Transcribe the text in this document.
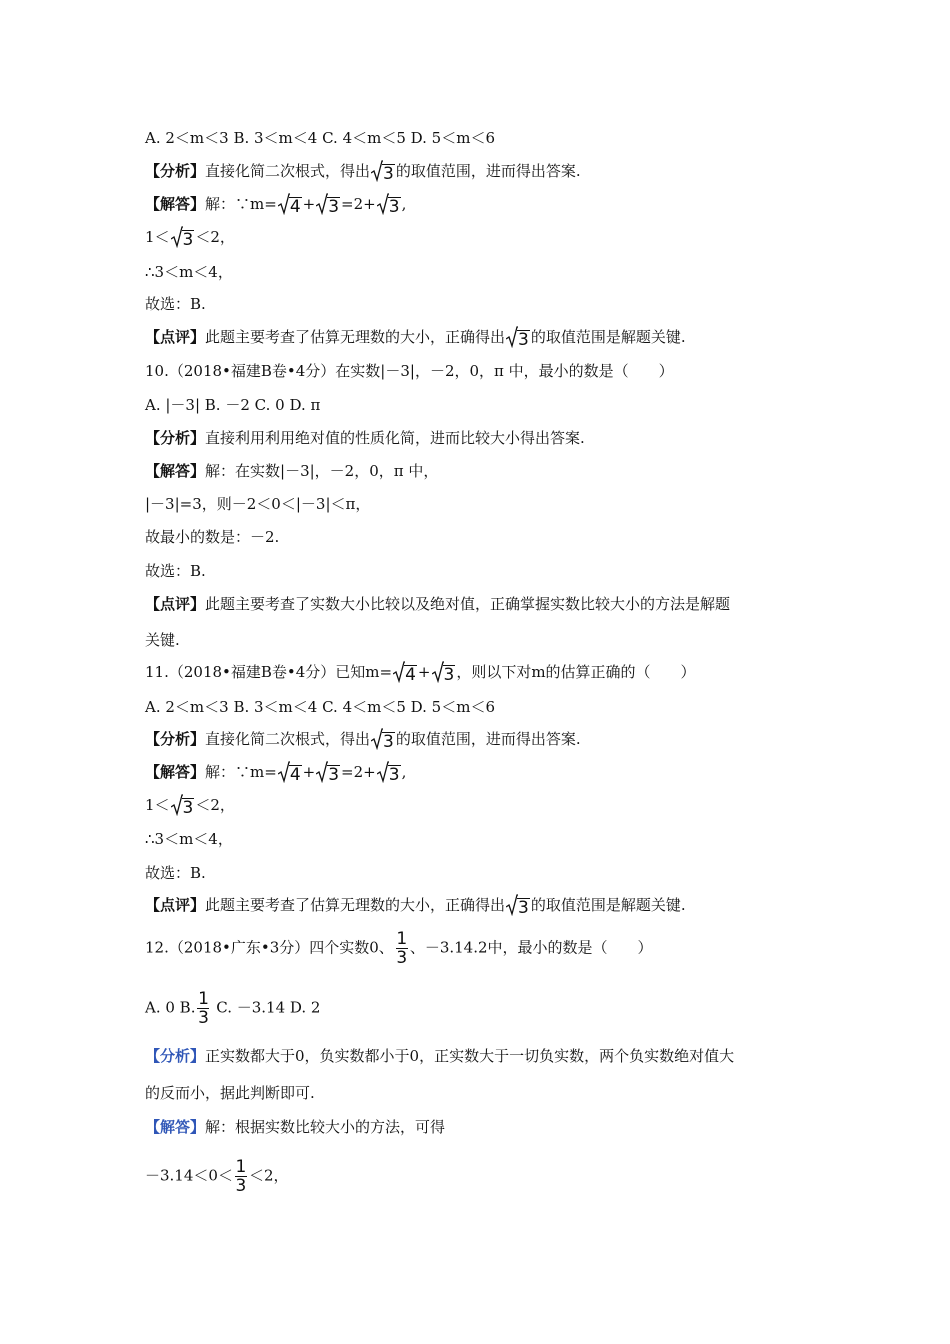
A. 2＜m＜3 B. 3＜m＜4 C. 4＜m＜5 D. 5＜m＜6
【分析】直接化简二次根式，得出 3 的取值范围，进而得出答案.
【解答】解：∵m= 4 + 3 =2+ 3 ,
1＜ 3 ＜2，
∴3＜m＜4，
故选：B.
【点评】此题主要考查了估算无理数的大小，正确得出 3 的取值范围是解题关键.
10.（2018•福建B卷•4分）在实数|－3|，－2，0，π 中，最小的数是（　　）
A. |－3| B. －2 C. 0 D. π
【分析】直接利用利用绝对值的性质化简，进而比较大小得出答案.
【解答】解：在实数|－3|，－2，0，π 中，
|－3|=3，则－2＜0＜|－3|＜π，
故最小的数是：－2.
故选：B.
【点评】此题主要考查了实数大小比较以及绝对值，正确掌握实数比较大小的方法是解题
关键.
11.（2018•福建B卷•4分）已知m= 4 + 3 ，则以下对m的估算正确的（　　）
A. 2＜m＜3 B. 3＜m＜4 C. 4＜m＜5 D. 5＜m＜6
【分析】直接化简二次根式，得出 3 的取值范围，进而得出答案.
【解答】解：∵m= 4 + 3 =2+ 3 ,
1＜ 3 ＜2，
∴3＜m＜4，
故选：B.
【点评】此题主要考查了估算无理数的大小，正确得出 3 的取值范围是解题关键.
12.（2018•广东•3分）四个实数0、 $\frac{1}{3}$ 、－3.14.2中，最小的数是（　　）
A. 0 B. $\frac{1}{3} C$. －3.14 D. 2
【分析】正实数都大于0，负实数都小于0，正实数大于一切负实数，两个负实数绝对值大
的反而小，据此判断即可.
【解答】解：根据实数比较大小的方法，可得
$-3.14<0< \frac{1}{3} <2$，
